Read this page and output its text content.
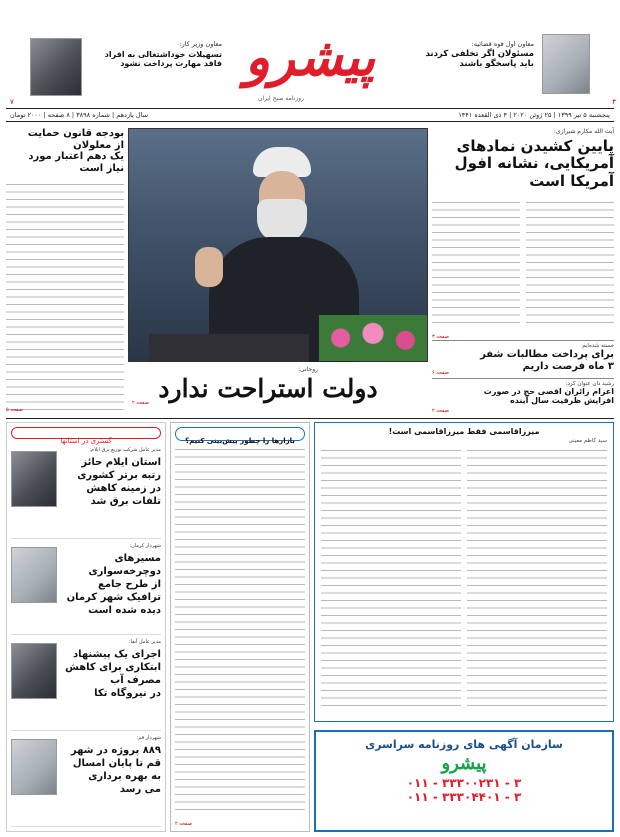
معاون اول قوه قضائیه:
مسئولان اگر تخلفی کردند
باید پاسخگو باشند
۴
پیشرو
روزنامه صبح ایران
معاون وزیر کار:
تسهیلات خوداشتغالی به افراد
فاقد مهارت پرداخت نشود
۷
پنجشنبه ۵ تیر ۱۳۹۹ | ۲۵ ژوئن ۲۰۲۰ | ۴ ذی القعده ۱۴۴۱
سال یازدهم | شماره ۳۸۹۸ | ۸ صفحه | ۲۰۰۰ تومان
بودجه قانون حمایت
از معلولان
یک دهم اعتبار مورد
نیاز است
صفحه ۵
روحانی:
دولت استراحت ندارد
صفحه ۲
آیت الله مکارم شیرازی:
پایین کشیدن نمادهای
آمریکایی، نشانه افول
آمریکا است
صفحه ۳
خسته شده‌ایم
برای پرداخت مطالبات شفر
۳ ماه فرصت داریم
صفحه ۶
رشید دان عنوان کرد:
اعزام زائران اقصی حج در صورت
افزایش ظرفیت سال آینده
صفحه ۲
گستری در استانها
مدیر عامل شرکت توزیع برق ایلام:
استان ایلام حائز
رتبه برتر کشوری
در زمینه کاهش
تلفات برق شد
شهردار کرمان:
مسیرهای
دوچرخه‌سواری
از طرح جامع
ترافیک شهر کرمان
دیده شده است
مدیر عامل آبفا:
اجرای یک پیشنهاد
ابتکاری برای کاهش
مصرف آب
در نیروگاه تکا
شهردار قم:
۸۸۹ پروژه در شهر
قم تا پایان امسال
به بهره برداری
می رسد
بازارها را چطور پیش‌بینی کنیم؟
صفحه ۲
میرزاقاسمی فقط میرزاقاسمی است!
سید کاظم معینی
سازمان آگهی های روزنامه سراسری
پیشرو
۰۱۱ - ۳۳۳۰۰۲۳۱ - ۳
۰۱۱ - ۳۳۳۰۴۴۰۱ - ۳
